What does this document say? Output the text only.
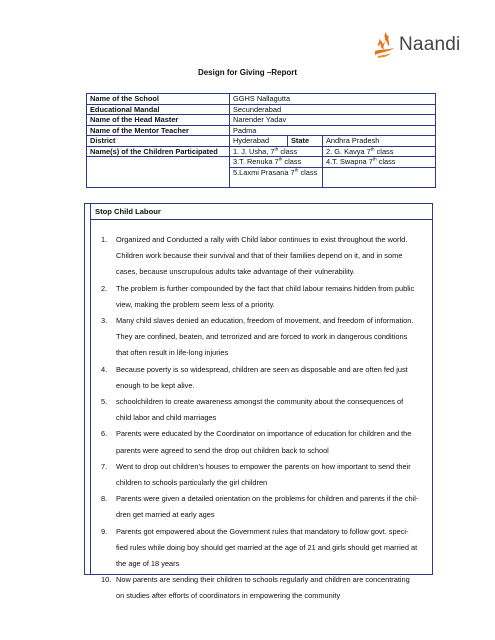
Naandi
Design for Giving –Report
Name of the School	GGHS Nallagutta		
Educational Mandal	Secunderabad		
Name of the Head Master	Narender Yadav		
Name of the Mentor Teacher	Padma		
District	Hyderabad	State	Andhra Pradesh
Name(s) of the Children Participated	1. J. Usha, 7th class		2. G. Kavya 7th class
	3.T. Renuka 7th class		4.T. Swapna 7th class
	5.Laxmi Prasana 7th class		
Stop Child Labour
1. Organized and Conducted a rally with Child labor continues to exist throughout the world.
Children work because their survival and that of their families depend on it, and in some
cases, because unscrupulous adults take advantage of their vulnerability.
2. The problem is further compounded by the fact that child labour remains hidden from public
view, making the problem seem less of a priority.
3. Many child slaves denied an education, freedom of movement, and freedom of information.
They are confined, beaten, and terrorized and are forced to work in dangerous conditions
that often result in life-long injuries
4. Because poverty is so widespread, children are seen as disposable and are often fed just
enough to be kept alive.
5. schoolchildren to create awareness amongst the community about the consequences of
child labor and child marriages
6. Parents were educated by the Coordinator on importance of education for children and the
parents were agreed to send the drop out children back to school
7. Went to drop out children’s houses to empower the parents on how important to send their
children to schools particularly the girl children
8. Parents were given a detailed orientation on the problems for children and parents if the chil-
dren get married at early ages
9. Parents got empowered about the Government rules that mandatory to follow govt. speci-
fied rules while doing boy should get married at the age of 21 and girls should get married at
the age of 18 years
10. Now parents are sending their children to schools regularly and children are concentrating
on studies after efforts of coordinators in empowering the community
